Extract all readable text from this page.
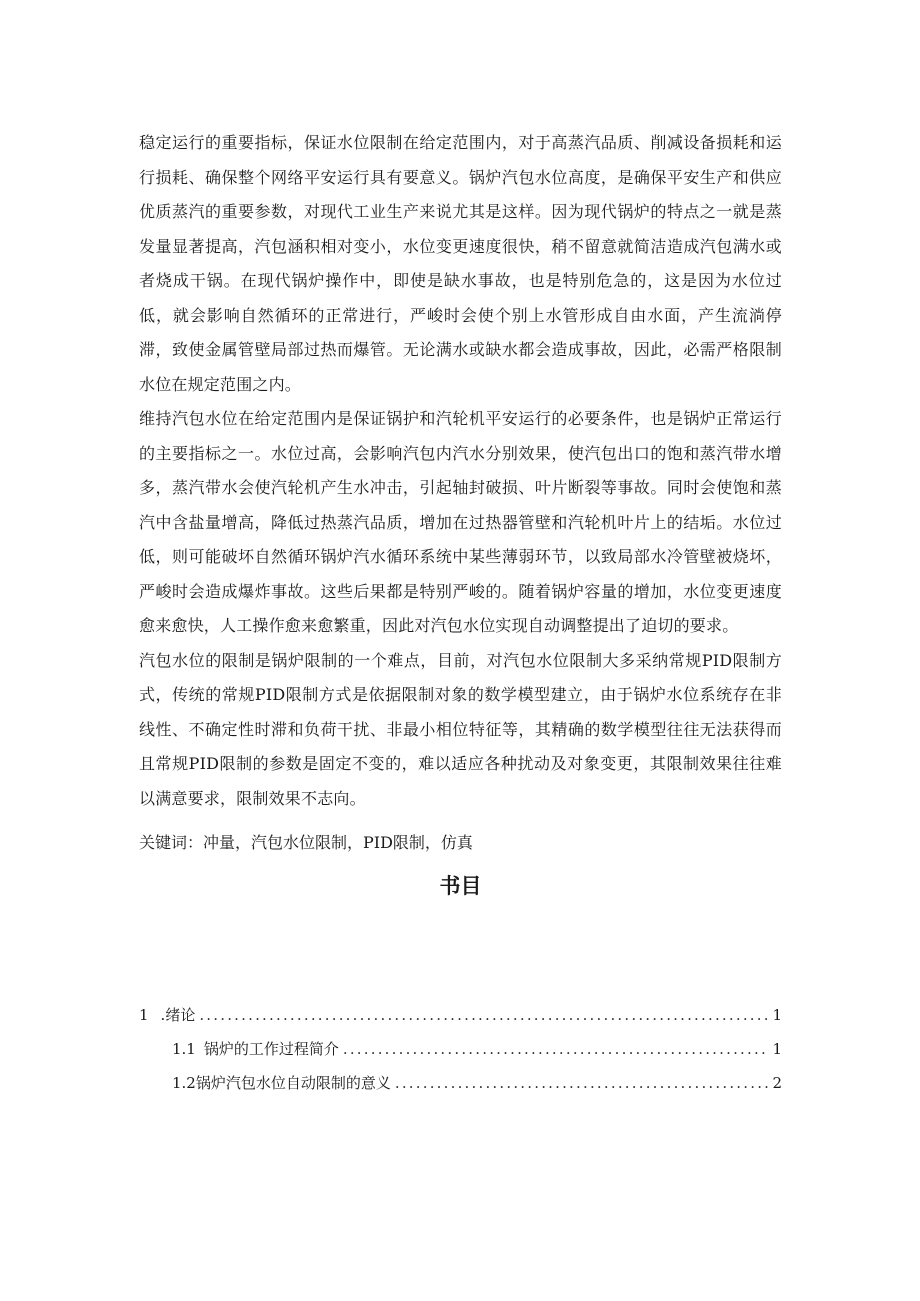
稳定运行的重要指标，保证水位限制在给定范围内，对于高蒸汽品质、削减设备损耗和运行损耗、确保整个网络平安运行具有要意义。锅炉汽包水位高度，是确保平安生产和供应优质蒸汽的重要参数，对现代工业生产来说尤其是这样。因为现代锅炉的特点之一就是蒸发量显著提高，汽包涵积相对变小，水位变更速度很快，稍不留意就简洁造成汽包满水或者烧成干锅。在现代锅炉操作中，即使是缺水事故，也是特别危急的，这是因为水位过低，就会影响自然循环的正常进行，严峻时会使个别上水管形成自由水面，产生流淌停滞，致使金属管壁局部过热而爆管。无论满水或缺水都会造成事故，因此，必需严格限制水位在规定范围之内。

维持汽包水位在给定范围内是保证锅护和汽轮机平安运行的必要条件，也是锅炉正常运行的主要指标之一。水位过高，会影响汽包内汽水分别效果，使汽包出口的饱和蒸汽带水增多，蒸汽带水会使汽轮机产生水冲击，引起轴封破损、叶片断裂等事故。同时会使饱和蒸汽中含盐量增高，降低过热蒸汽品质，增加在过热器管壁和汽轮机叶片上的结垢。水位过低，则可能破坏自然循环锅炉汽水循环系统中某些薄弱环节，以致局部水冷管壁被烧坏，严峻时会造成爆炸事故。这些后果都是特别严峻的。随着锅炉容量的增加，水位变更速度愈来愈快，人工操作愈来愈繁重，因此对汽包水位实现自动调整提出了迫切的要求。

汽包水位的限制是锅炉限制的一个难点，目前，对汽包水位限制大多采纳常规PID限制方式，传统的常规PID限制方式是依据限制对象的数学模型建立，由于锅炉水位系统存在非线性、不确定性时滞和负荷干扰、非最小相位特征等，其精确的数学模型往往无法获得而且常规PID限制的参数是固定不变的，难以适应各种扰动及对象变更，其限制效果往往难以满意要求，限制效果不志向。

关键词：冲量，汽包水位限制，PID限制，仿真
书目
1 .绪论 .....	1
1.1 锅炉的工作过程简介 .....	1
1.2锅炉汽包水位自动限制的意义 .....	2
